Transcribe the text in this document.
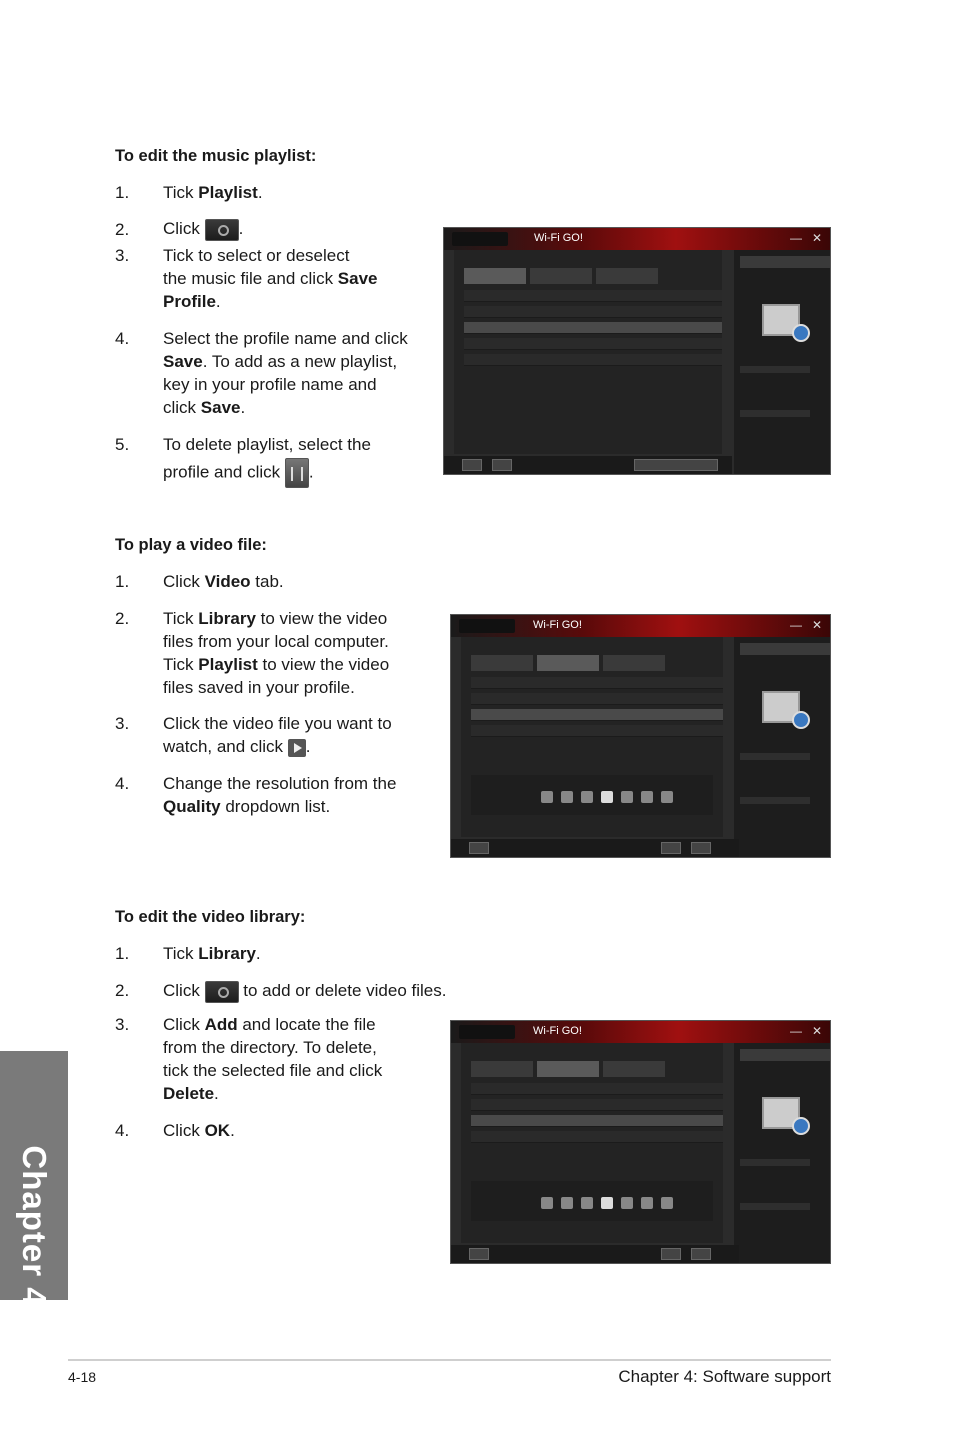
To edit the music playlist:
1. Tick Playlist.
2. Click .
3. Tick to select or deselect
the music file and click Save
Profile.
4. Select the profile name and click
Save. To add as a new playlist,
key in your profile name and
click Save.
5. To delete playlist, select the
profile and click .
Wi-Fi GO!	— ✕
To play a video file:
1. Click Video tab.
2. Tick Library to view the video
files from your local computer.
Tick Playlist to view the video
files saved in your profile.
3. Click the video file you want to
watch, and click .
4. Change the resolution from the
Quality dropdown list.
Wi-Fi GO!	— ✕
To edit the video library:
1. Tick Library.
2. Click  to add or delete video files.
3. Click Add and locate the file
from the directory. To delete,
tick the selected file and click
Delete.
4. Click OK.
Wi-Fi GO!	— ✕
Chapter 4
4-18	Chapter 4: Software support
